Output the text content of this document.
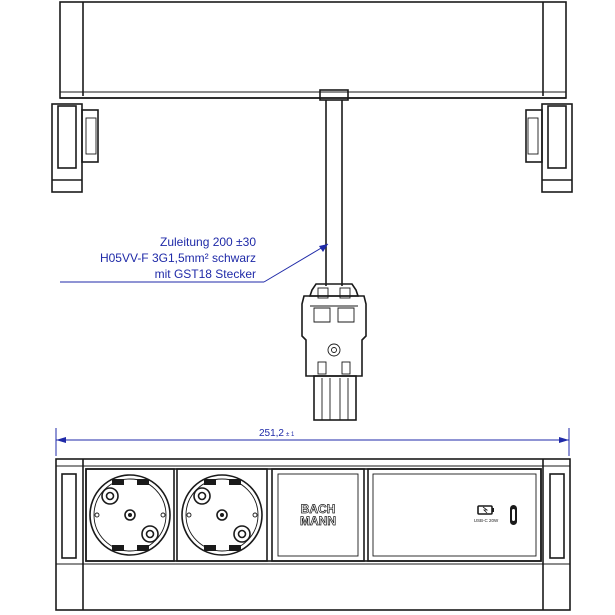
Zuleitung 200 ±30
H05VV-F 3G1,5mm² schwarz
mit GST18 Stecker
251,2 ± 1
BACH
MANN	USB-C 20W
